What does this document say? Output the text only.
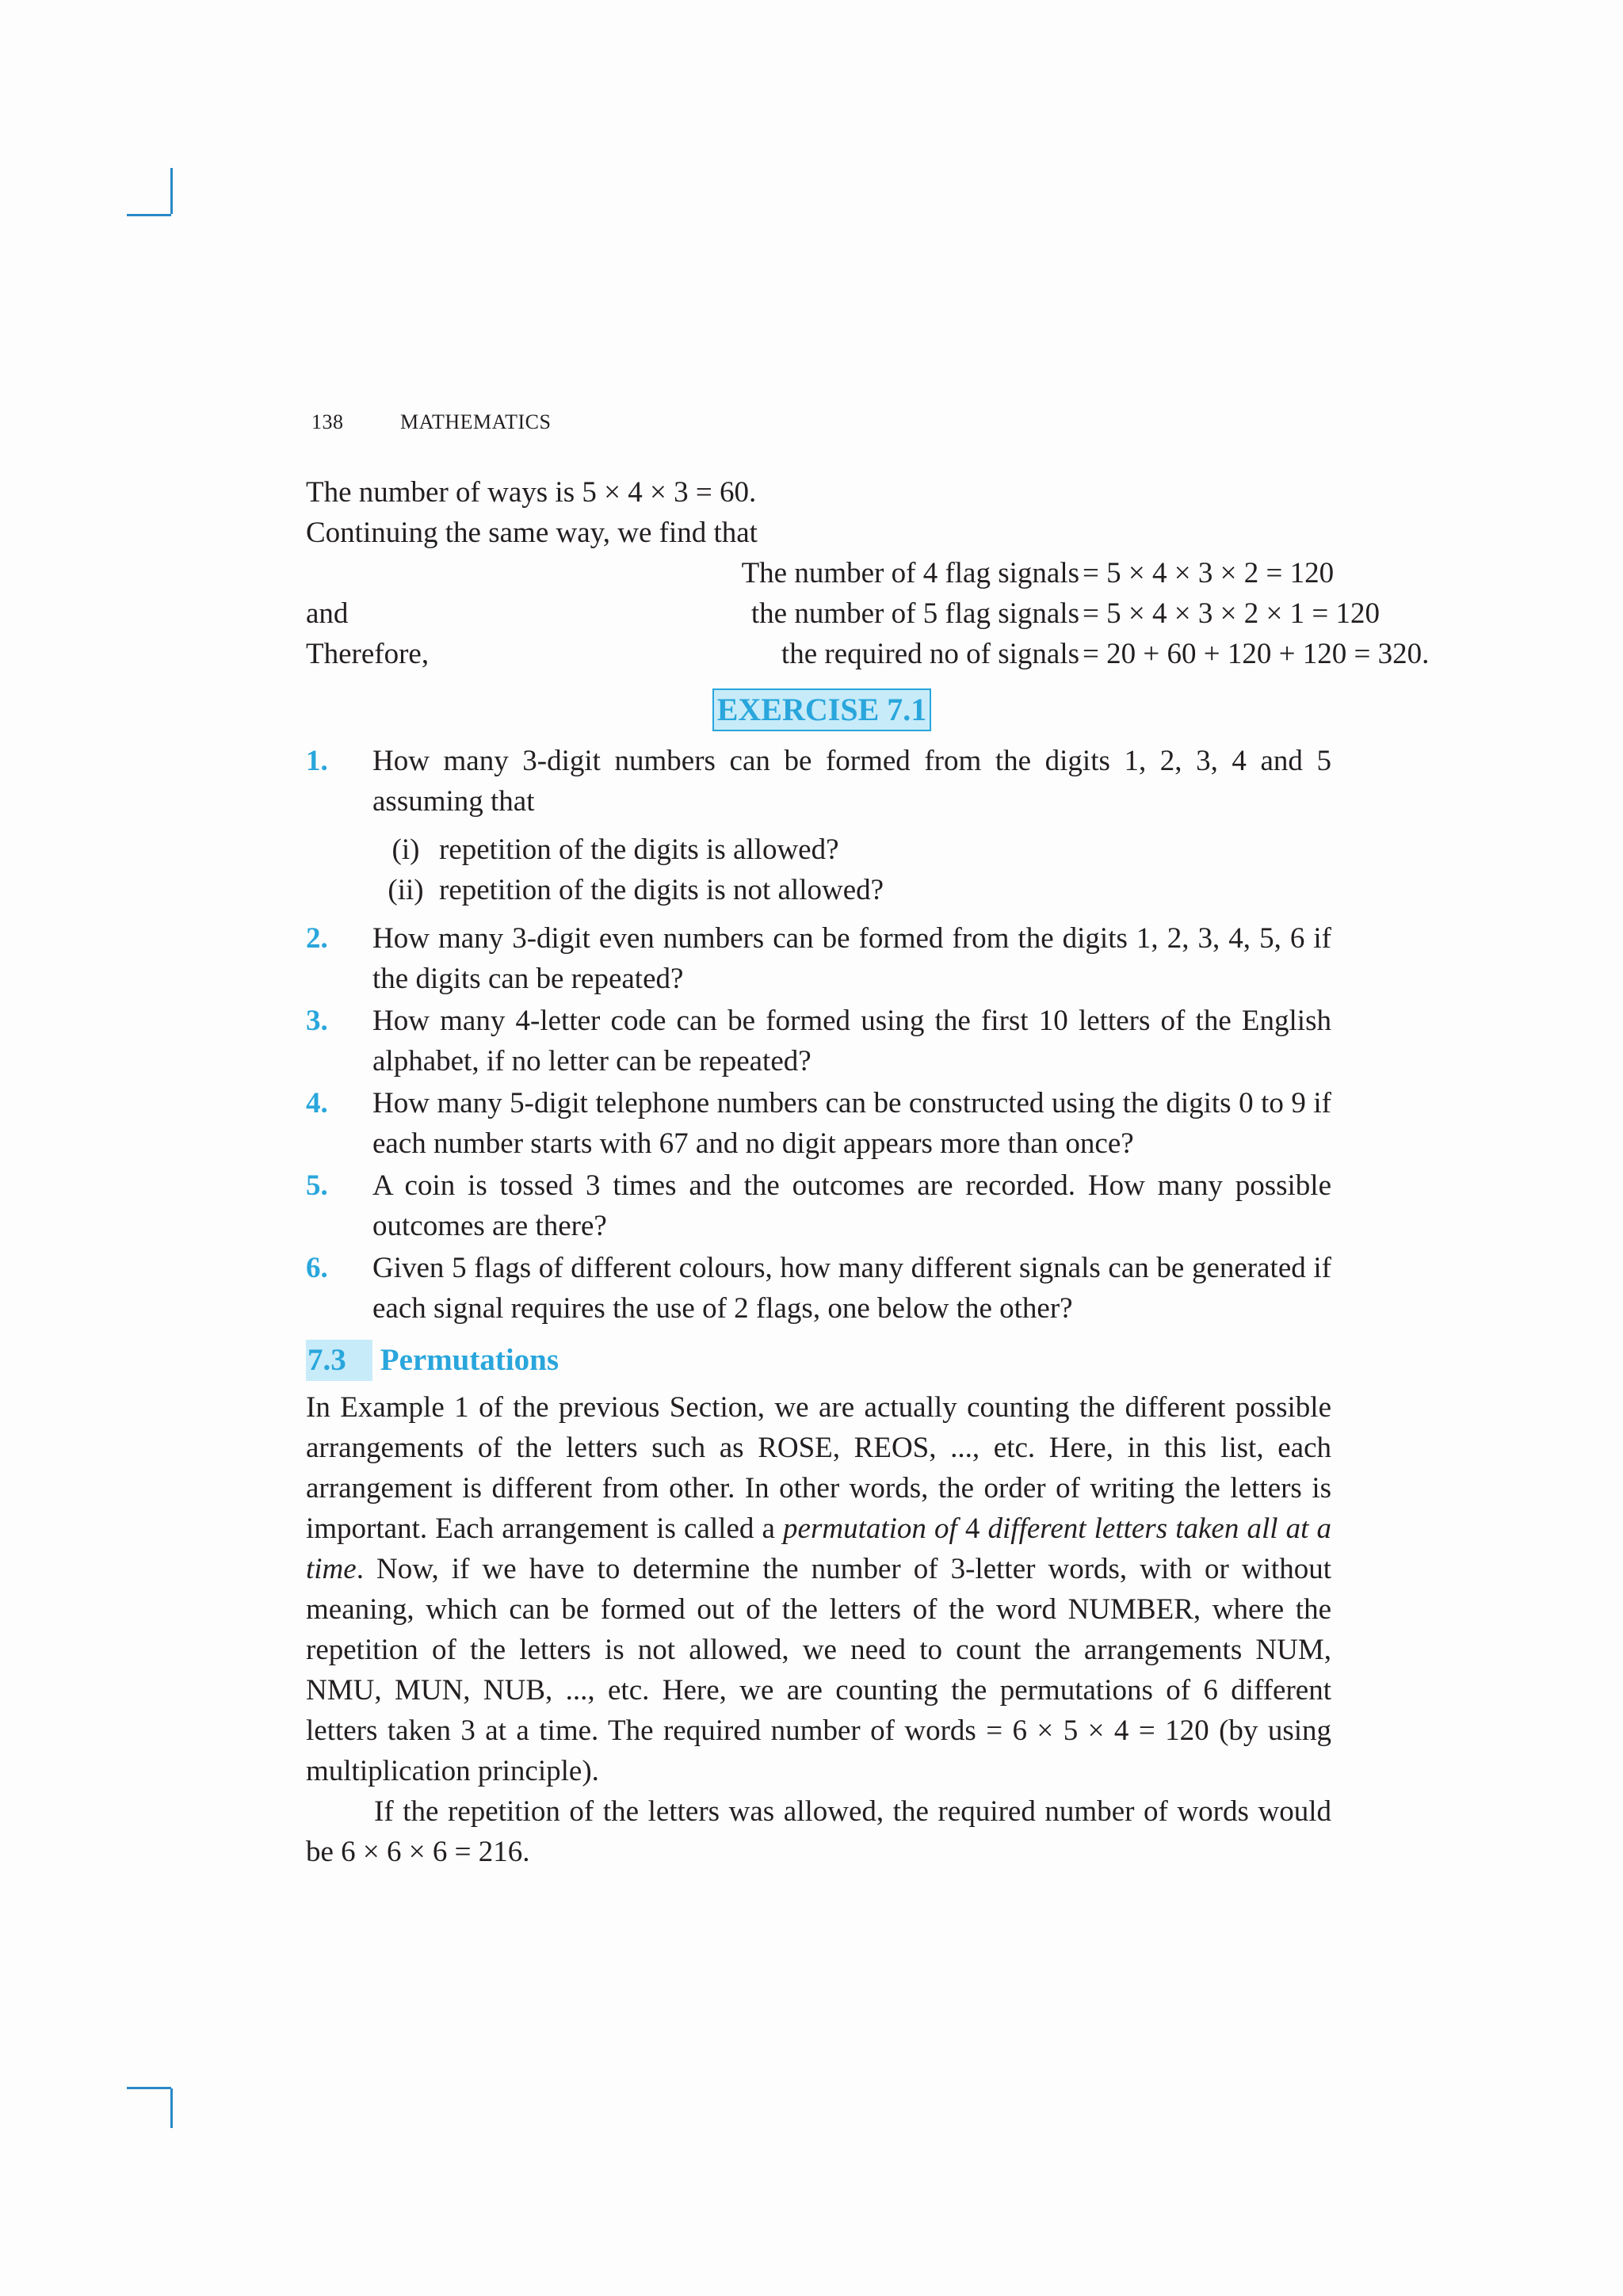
138	MATHEMATICS
The number of ways is 5 × 4 × 3 = 60.
Continuing the same way, we find that
The number of 4 flag signals = 5 × 4 × 3 × 2 = 120
and	the number of 5 flag signals = 5 × 4 × 3 × 2 × 1 = 120
Therefore,	the required no of signals = 20 + 60 + 120 + 120 = 320.
EXERCISE 7.1
1.	How many 3-digit numbers can be formed from the digits 1, 2, 3, 4 and 5 assuming that
(i) repetition of the digits is allowed?
(ii) repetition of the digits is not allowed?
2.	How many 3-digit even numbers can be formed from the digits 1, 2, 3, 4, 5, 6 if the digits can be repeated?
3.	How many 4-letter code can be formed using the first 10 letters of the English alphabet, if no letter can be repeated?
4.	How many 5-digit telephone numbers can be constructed using the digits 0 to 9 if each number starts with 67 and no digit appears more than once?
5.	A coin is tossed 3 times and the outcomes are recorded. How many possible outcomes are there?
6.	Given 5 flags of different colours, how many different signals can be generated if each signal requires the use of 2 flags, one below the other?
7.3 Permutations
In Example 1 of the previous Section, we are actually counting the different possible arrangements of the letters such as ROSE, REOS, ..., etc. Here, in this list, each arrangement is different from other. In other words, the order of writing the letters is important. Each arrangement is called a permutation of 4 different letters taken all at a time. Now, if we have to determine the number of 3-letter words, with or without meaning, which can be formed out of the letters of the word NUMBER, where the repetition of the letters is not allowed, we need to count the arrangements NUM, NMU, MUN, NUB, ..., etc. Here, we are counting the permutations of 6 different letters taken 3 at a time. The required number of words = 6 × 5 × 4 = 120 (by using multiplication principle).
If the repetition of the letters was allowed, the required number of words would be 6 × 6 × 6 = 216.
